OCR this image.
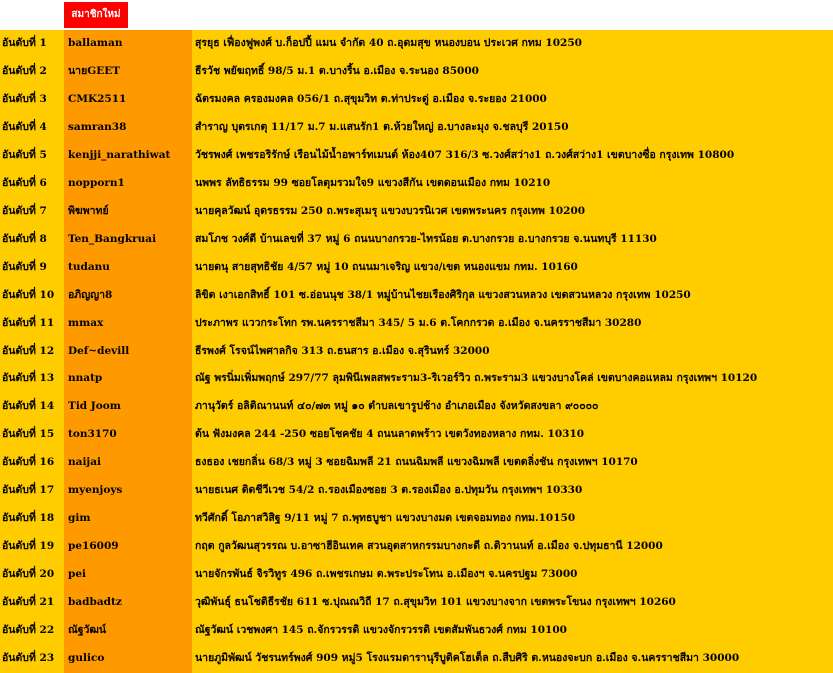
สมาชิกใหม่
อันดับที่ 1	ballaman	สุรยุธ เฟื่องฟูพงศ์ บ.ก็อปปี้ แมน จำกัด 40 ถ.อุดมสุข หนองบอน ประเวศ กทม 10250
อันดับที่ 2	นายGEET	ธีรวัช พยัฆฤทธิ์ 98/5 ม.1 ต.บางริ้น อ.เมือง จ.ระนอง 85000
อันดับที่ 3	CMK2511	ฉัตรมงคล ครองมงคล 056/1 ถ.สุขุมวิท ต.ท่าประดู่ อ.เมือง จ.ระยอง 21000
อันดับที่ 4	samran38	สำราญ บุตรเกตุ 11/17 ม.7 ม.แสนรัก1 ต.ห้วยใหญ่ อ.บางละมุง จ.ชลบุรี 20150
อันดับที่ 5	kenjji_narathiwat	วัชรพงศ์ เพชรอริรักษ์ เรือนไม้น้ำอพาร์ทเมนต์ ห้อง407 316/3 ซ.วงศ์สว่าง1 ถ.วงศ์สว่าง1 เขตบางซื่อ กรุงเทพ 10800
อันดับที่ 6	nopporn1	นพพร ลัทธิธรรม 99 ซอยโลตุมรวมใจ9 แขวงสีกัน เขตดอนเมือง กทม 10210
อันดับที่ 7	พิฆพาทย์	นายคุลวัฒน์ อุดรธรรม 250 ถ.พระสุเมรุ แขวงบวรนิเวศ เขตพระนคร กรุงเทพ 10200
อันดับที่ 8	Ten_Bangkruai	สมโภช วงศ์ดี บ้านเลขที่ 37 หมู่ 6 ถนนบางกรวย-ไทรน้อย ต.บางกรวย อ.บางกรวย จ.นนทบุรี 11130
อันดับที่ 9	tudanu	นายดนุ สายสุทธิชัย 4/57 หมู่ 10 ถนนมาเจริญ แขวง/เขต หนองแขม กทม. 10160
อันดับที่ 10	อภิญญา8	ลิขิต เงาเอกสิทธิ์ 101 ซ.อ่อนนุช 38/1 หมู่บ้านไชยเรืองศิริกุล แขวงสวนหลวง เขตสวนหลวง กรุงเทพ 10250
อันดับที่ 11	mmax	ประภาพร แววกระโทก รพ.นครราชสีมา 345/ 5 ม.6 ต.โคกกรวด อ.เมือง จ.นครราชสีมา 30280
อันดับที่ 12	Def~devill	ธีรพงศ์ โรจน์ไพศาลกิจ 313 ถ.ธนสาร อ.เมือง จ.สุรินทร์ 32000
อันดับที่ 13	nnatp	ณัฐ พรนิ่มเพิ่มพฤกษ์ 297/77 ลุมพินีเพลสพระราม3-ริเวอร์วิว ถ.พระราม3 แขวงบางโคล่ เขตบางคอแหลม กรุงเทพฯ 10120
อันดับที่ 14	Tid Joom	ภานุวัตร์ อลิติณานนท์ ๔๐/๗๓ หมู่ ๑๐ ตำบลเขารูปช้าง อำเภอเมือง จังหวัดสงขลา ๙๐๐๐๐
อันดับที่ 15	ton3170	ต้น ฟังมงคล 244 -250 ซอยโชคชัย 4 ถนนลาดพร้าว เขตวังทองหลาง กทม. 10310
อันดับที่ 16	naijai	ธงธอง เชยกลิ่น 68/3 หมู่ 3 ซอยฉิมพลี 21 ถนนฉิมพลี แขวงฉิมพลี เขตตลิ่งชัน กรุงเทพฯ 10170
อันดับที่ 17	myenjoys	นายธเนศ ติดชีวีเวช 54/2 ถ.รองเมืองซอย 3 ต.รองเมือง อ.ปทุมวัน กรุงเทพฯ 10330
อันดับที่ 18	gim	ทวีศักดิ์ โอภาสวิสิฐ 9/11 หมู่ 7 ถ.พุทธบูชา แขวงบางมด เขตจอมทอง กทม.10150
อันดับที่ 19	pe16009	กฤต กูลวัฒนสุวรรณ บ.อาซาฮีอินเทค สวนอุตสาหกรรมบางกะดี ถ.ติวานนท์ อ.เมือง จ.ปทุมธานี 12000
อันดับที่ 20	pei	นายจักรพันธ์ จิรวิทูร 496 ถ.เพชรเกษม ต.พระประโทน อ.เมืองฯ จ.นครปฐม 73000
อันดับที่ 21	badbadtz	วุฒิพันธุ์ ธนโชติธีรชัย 611 ซ.ปุณณวิถี 17 ถ.สุขุมวิท 101 แขวงบางจาก เขตพระโขนง กรุงเทพฯ 10260
อันดับที่ 22	ณัฐวัฒน์	ณัฐวัฒน์ เวชพงศา 145 ถ.จักรวรรดิ แขวงจักรวรรดิ เขตสัมพันธวงศ์ กทม 10100
อันดับที่ 23	gulico	นายภูมิพัฒน์ วัชรนทร์พงศ์ 909 หมู่5 โรงแรมดารานุรีบูติคโฮเต็ล ถ.สืบศิริ ต.หนองจะบก อ.เมือง จ.นครราชสีมา 30000
